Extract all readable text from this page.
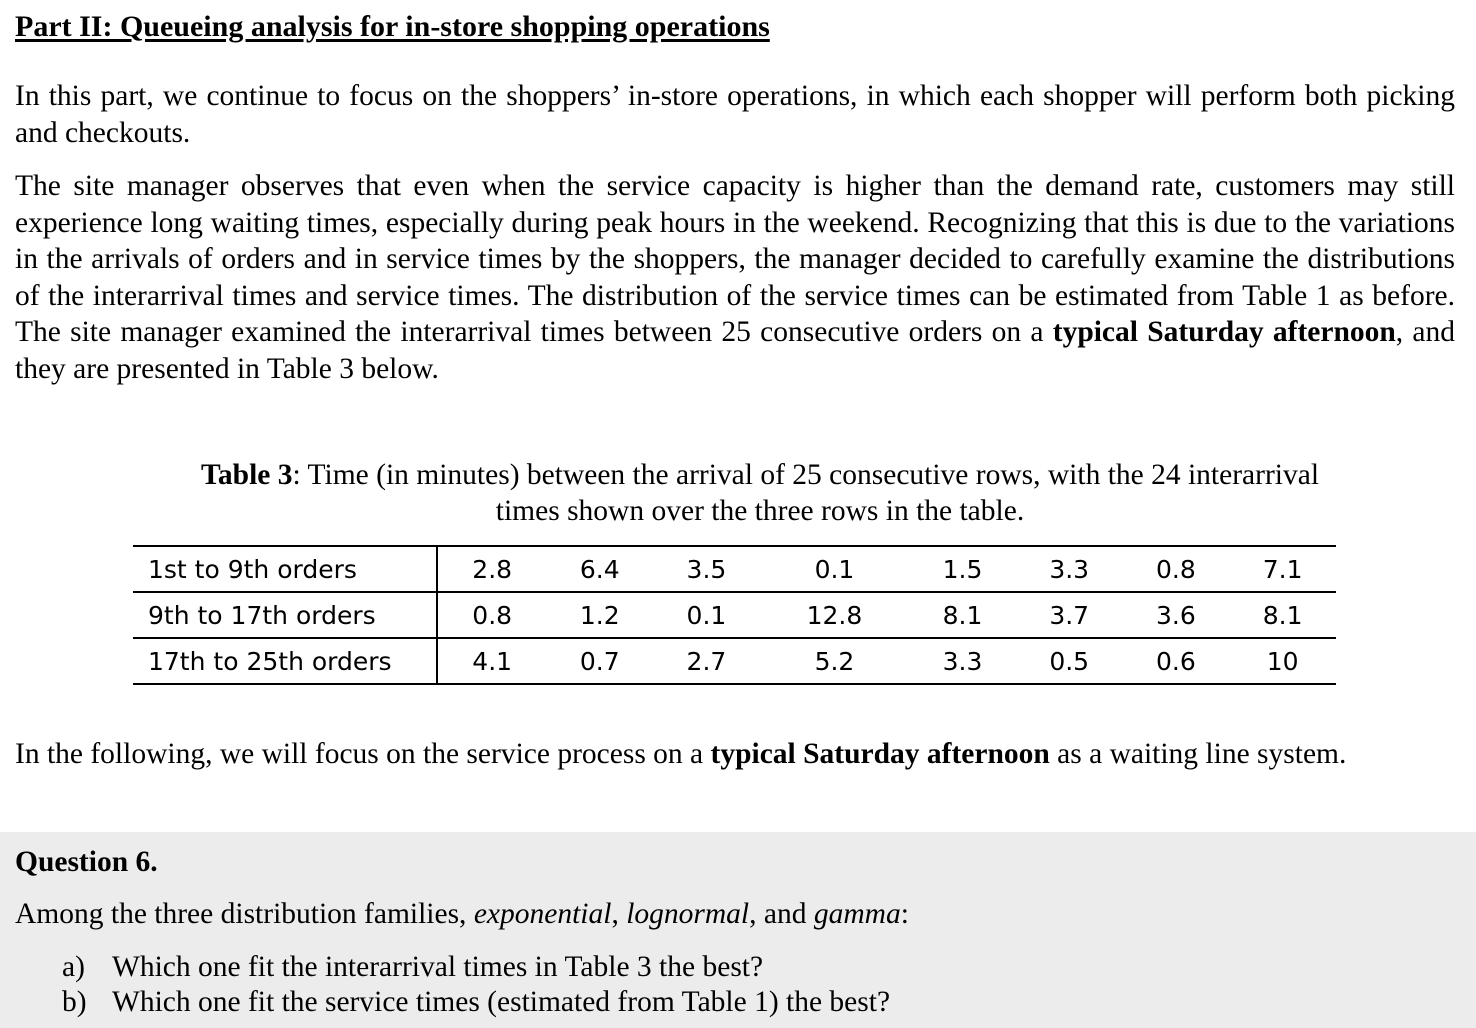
Part II: Queueing analysis for in-store shopping operations

In this part, we continue to focus on the shoppers’ in-store operations, in which each shopper will perform both picking and checkouts.

The site manager observes that even when the service capacity is higher than the demand rate, customers may still experience long waiting times, especially during peak hours in the weekend. Recognizing that this is due to the variations in the arrivals of orders and in service times by the shoppers, the manager decided to carefully examine the distributions of the interarrival times and service times. The distribution of the service times can be estimated from Table 1 as before. The site manager examined the interarrival times between 25 consecutive orders on a typical Saturday afternoon, and they are presented in Table 3 below.

Table 3: Time (in minutes) between the arrival of 25 consecutive rows, with the 24 interarrival times shown over the three rows in the table.
1st to 9th orders	2.8	6.4	3.5	0.1	1.5	3.3	0.8	7.1
9th to 17th orders	0.8	1.2	0.1	12.8	8.1	3.7	3.6	8.1
17th to 25th orders	4.1	0.7	2.7	5.2	3.3	0.5	0.6	10
In the following, we will focus on the service process on a typical Saturday afternoon as a waiting line system.
Question 6.
Among the three distribution families, exponential, lognormal, and gamma:
a) Which one fit the interarrival times in Table 3 the best?
b) Which one fit the service times (estimated from Table 1) the best?
